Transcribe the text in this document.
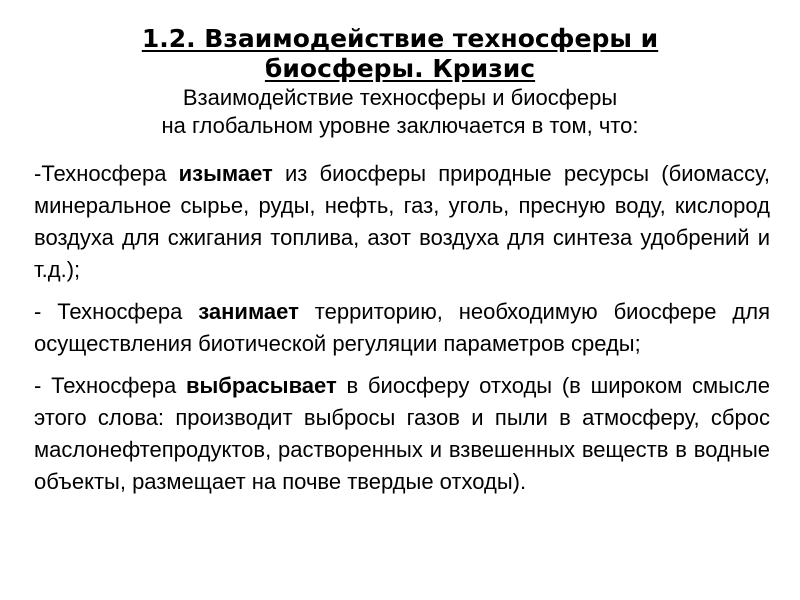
1.2. Взаимодействие техносферы и
биосферы. Кризис
Взаимодействие техносферы и биосферы
на глобальном уровне заключается в том, что:

-Техносфера изымает из биосферы природные ресурсы (биомассу, минеральное сырье, руды, нефть, газ, уголь, пресную воду, кислород воздуха для сжигания топлива, азот воздуха для синтеза удобрений и т.д.);

- Техносфера занимает территорию, необходимую биосфере для осуществления биотической регуляции параметров среды;

- Техносфера выбрасывает в биосферу отходы (в широком смысле этого слова: производит выбросы газов и пыли в атмосферу, сброс маслонефтепродуктов, растворенных и взвешенных веществ в водные объекты, размещает на почве твердые отходы).
